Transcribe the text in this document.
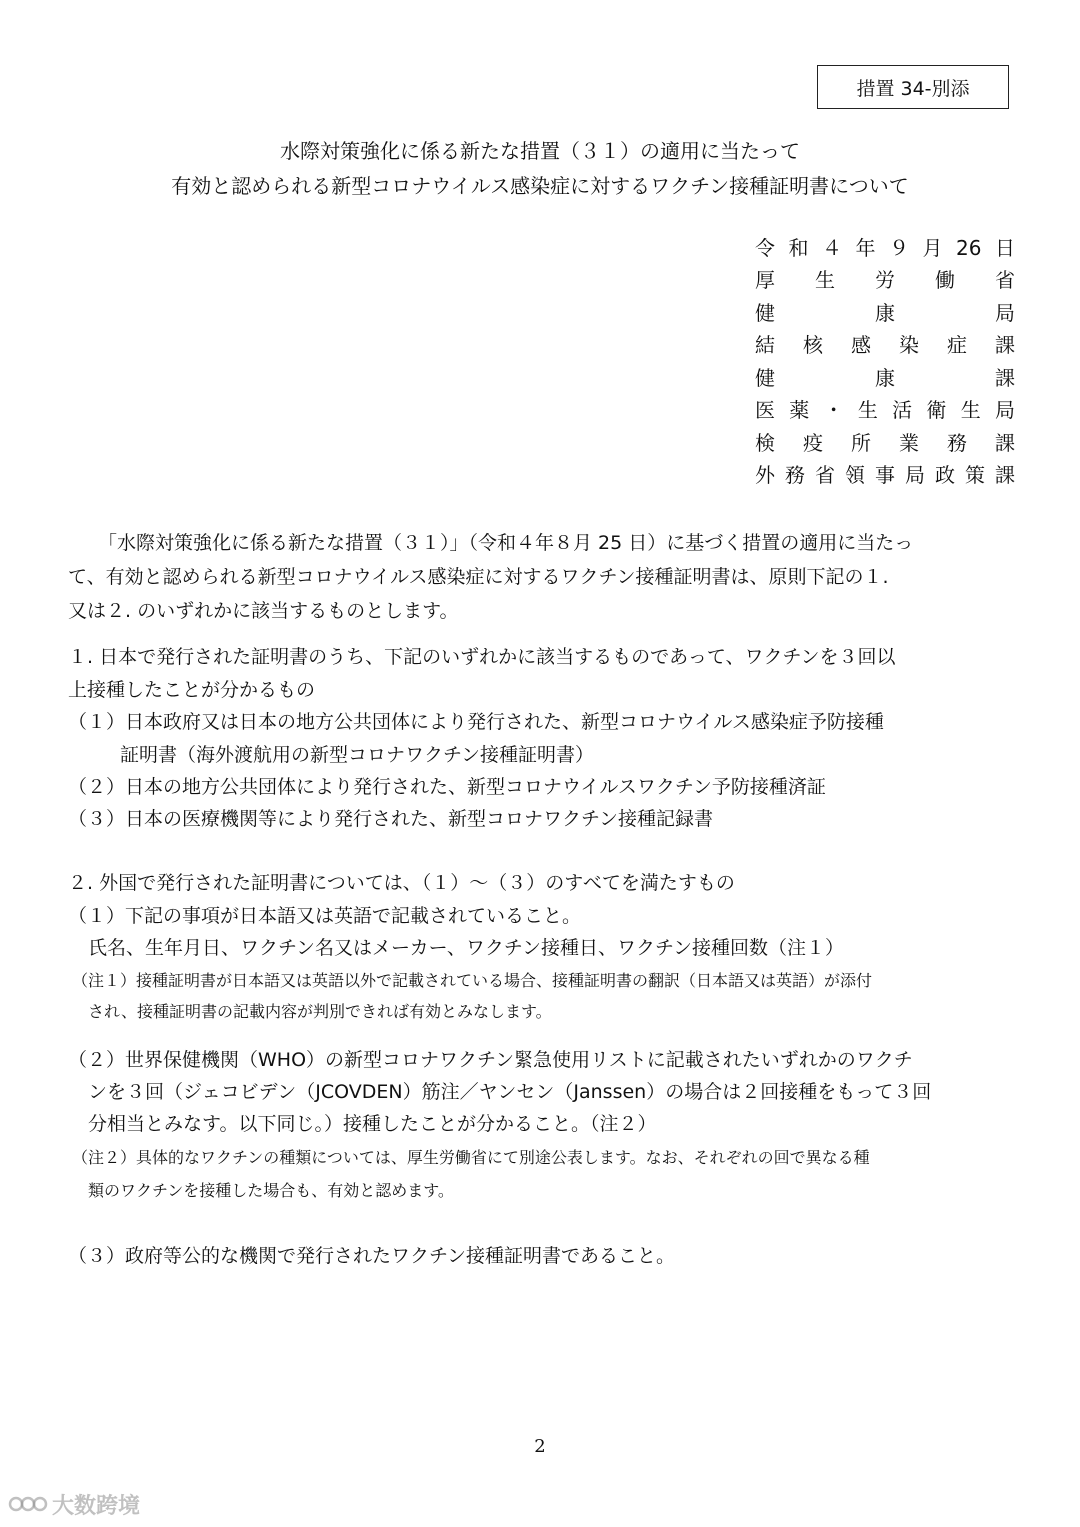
措置 34-別添
水際対策強化に係る新たな措置（３１）の適用に当たって
有効と認められる新型コロナウイルス感染症に対するワクチン接種証明書について
令 和 ４ 年 ９ 月 26 日
厚 生 労 働 省
健	康	局
結 核 感 染 症 課
健	康	課
医 薬 ・ 生 活 衛 生 局
検 疫 所 業 務 課
外 務 省 領 事 局 政 策 課
「水際対策強化に係る新たな措置（３１）」（令和４年８月 25 日）に基づく措置の適用に当たっ
て、有効と認められる新型コロナウイルス感染症に対するワクチン接種証明書は、原則下記の１.
又は２. のいずれかに該当するものとします。
１. 日本で発行された証明書のうち、下記のいずれかに該当するものであって、ワクチンを３回以
上接種したことが分かるもの
（１）日本政府又は日本の地方公共団体により発行された、新型コロナウイルス感染症予防接種
証明書（海外渡航用の新型コロナワクチン接種証明書）
（２）日本の地方公共団体により発行された、新型コロナウイルスワクチン予防接種済証
（３）日本の医療機関等により発行された、新型コロナワクチン接種記録書
２. 外国で発行された証明書については、（１）～（３）のすべてを満たすもの
（１）下記の事項が日本語又は英語で記載されていること。
氏名、生年月日、ワクチン名又はメーカー、ワクチン接種日、ワクチン接種回数（注１）
（注１）接種証明書が日本語又は英語以外で記載されている場合、接種証明書の翻訳（日本語又は英語）が添付
され、接種証明書の記載内容が判別できれば有効とみなします。
（２）世界保健機関（WHO）の新型コロナワクチン緊急使用リストに記載されたいずれかのワクチ
ンを３回（ジェコビデン（JCOVDEN）筋注／ヤンセン（Janssen）の場合は２回接種をもって３回
分相当とみなす。以下同じ。）接種したことが分かること。（注２）
（注２）具体的なワクチンの種類については、厚生労働省にて別途公表します。なお、それぞれの回で異なる種
類のワクチンを接種した場合も、有効と認めます。
（３）政府等公的な機関で発行されたワクチン接種証明書であること。
2
大数跨境
